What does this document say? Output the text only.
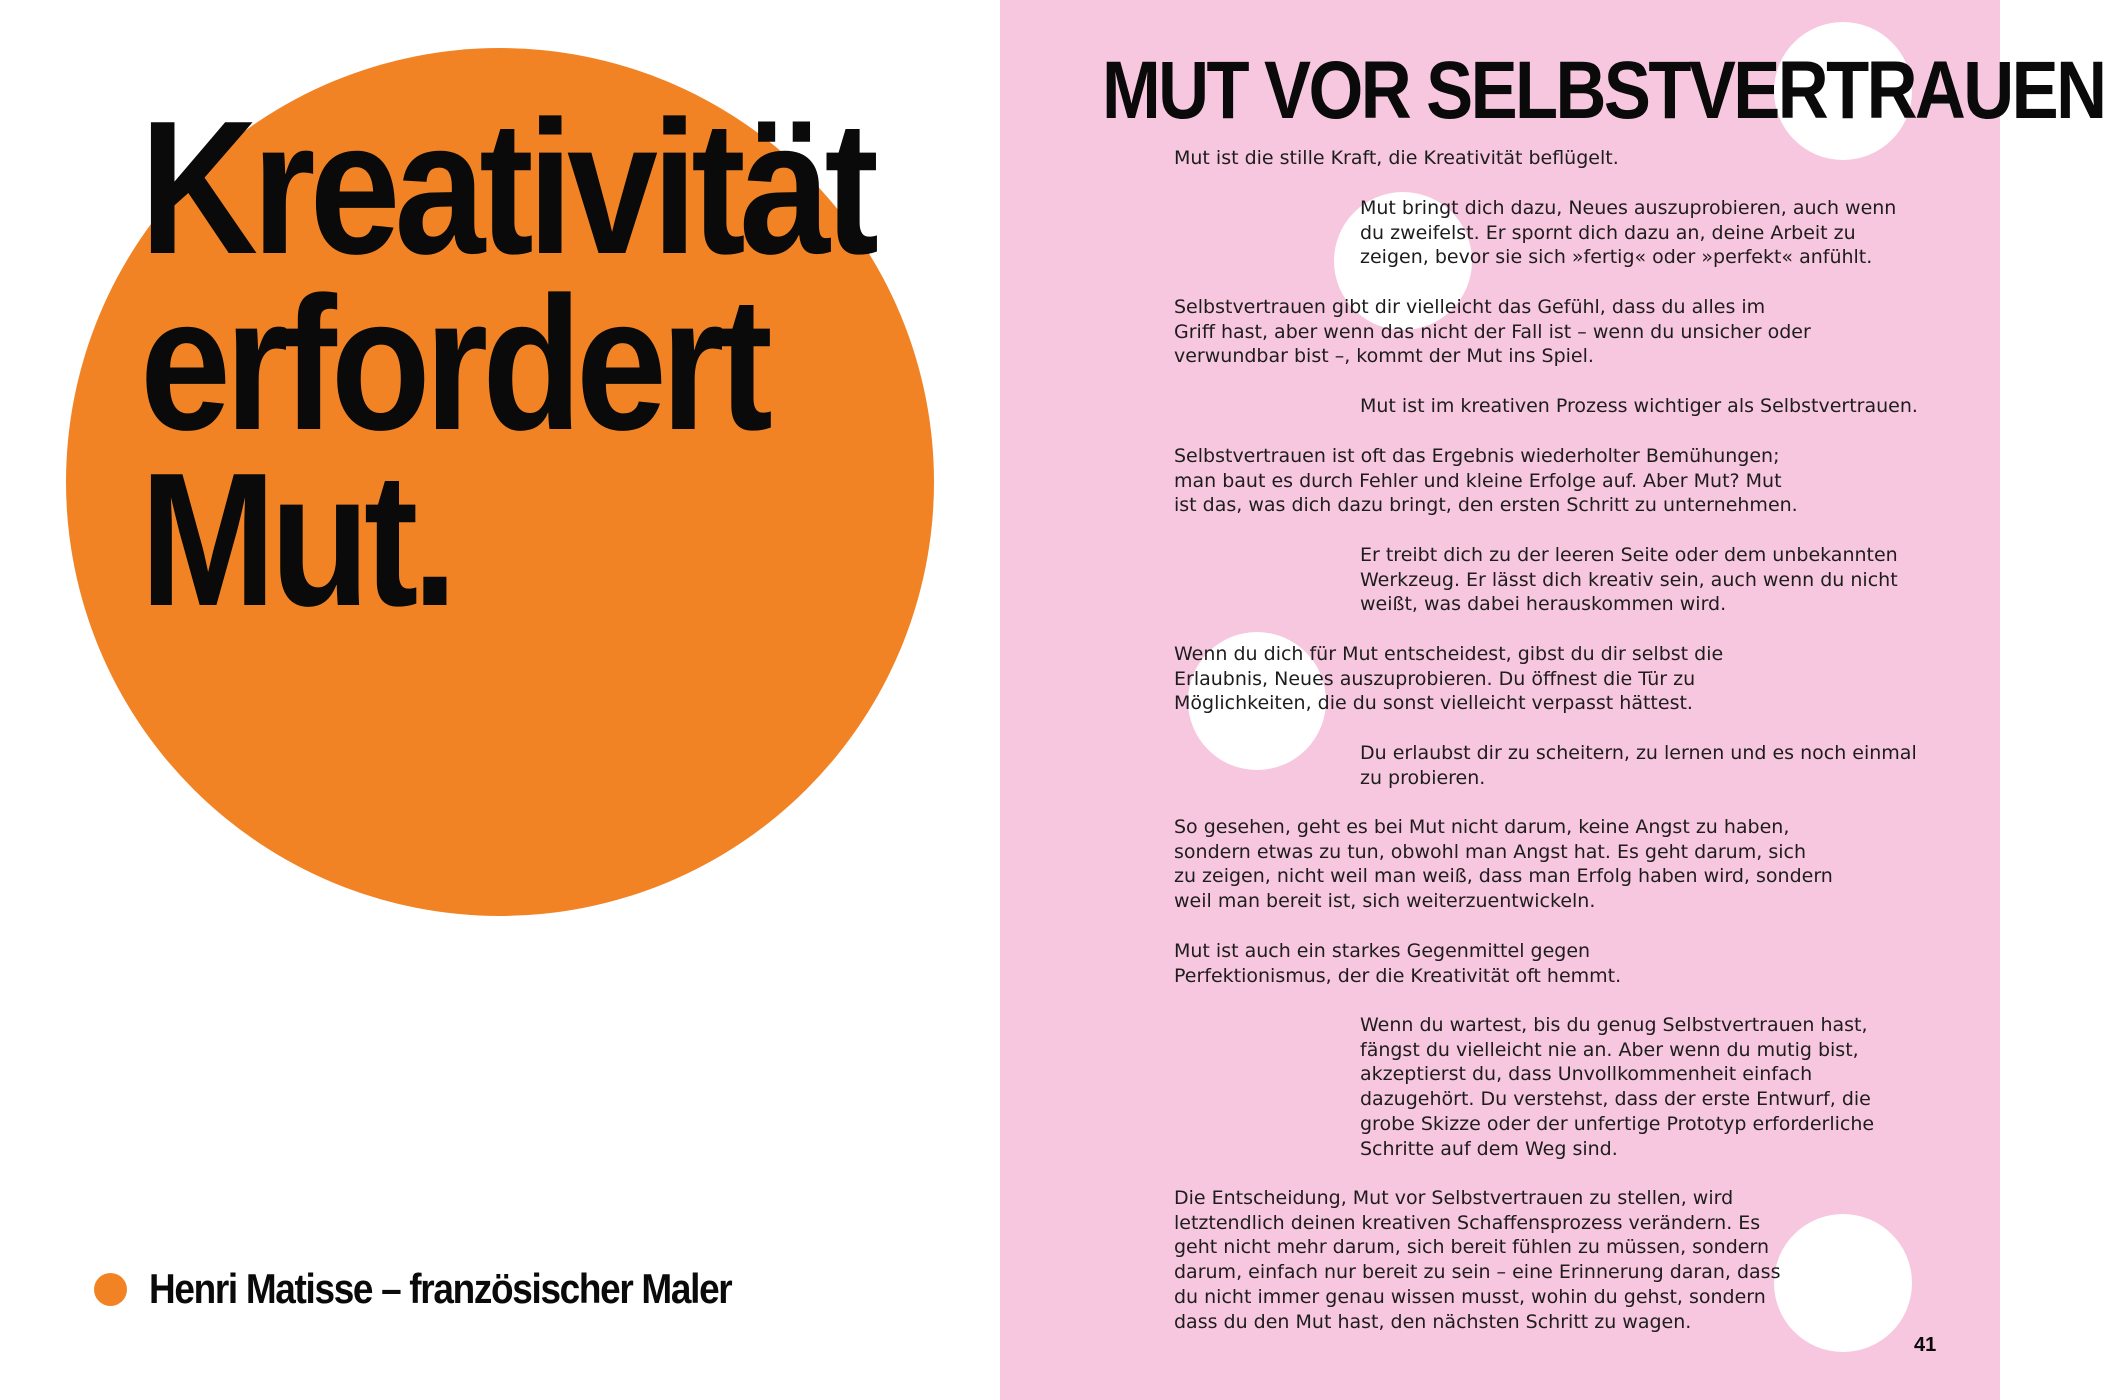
Kreativität
erfordert
Mut.
Henri Matisse – französischer Maler
MUT VOR SELBSTVERTRAUEN

Mut ist die stille Kraft, die Kreativität beflügelt.

Mut bringt dich dazu, Neues auszuprobieren, auch wenn
du zweifelst. Er spornt dich dazu an, deine Arbeit zu
zeigen, bevor sie sich »fertig« oder »perfekt« anfühlt.

Selbstvertrauen gibt dir vielleicht das Gefühl, dass du alles im
Griff hast, aber wenn das nicht der Fall ist – wenn du unsicher oder
verwundbar bist –, kommt der Mut ins Spiel.

Mut ist im kreativen Prozess wichtiger als Selbstvertrauen.

Selbstvertrauen ist oft das Ergebnis wiederholter Bemühungen;
man baut es durch Fehler und kleine Erfolge auf. Aber Mut? Mut
ist das, was dich dazu bringt, den ersten Schritt zu unternehmen.

Er treibt dich zu der leeren Seite oder dem unbekannten
Werkzeug. Er lässt dich kreativ sein, auch wenn du nicht
weißt, was dabei herauskommen wird.

Wenn du dich für Mut entscheidest, gibst du dir selbst die
Erlaubnis, Neues auszuprobieren. Du öffnest die Tür zu
Möglichkeiten, die du sonst vielleicht verpasst hättest.

Du erlaubst dir zu scheitern, zu lernen und es noch einmal
zu probieren.

So gesehen, geht es bei Mut nicht darum, keine Angst zu haben,
sondern etwas zu tun, obwohl man Angst hat. Es geht darum, sich
zu zeigen, nicht weil man weiß, dass man Erfolg haben wird, sondern
weil man bereit ist, sich weiterzuentwickeln.

Mut ist auch ein starkes Gegenmittel gegen
Perfektionismus, der die Kreativität oft hemmt.

Wenn du wartest, bis du genug Selbstvertrauen hast,
fängst du vielleicht nie an. Aber wenn du mutig bist,
akzeptierst du, dass Unvollkommenheit einfach
dazugehört. Du verstehst, dass der erste Entwurf, die
grobe Skizze oder der unfertige Prototyp erforderliche
Schritte auf dem Weg sind.

Die Entscheidung, Mut vor Selbstvertrauen zu stellen, wird
letztendlich deinen kreativen Schaffensprozess verändern. Es
geht nicht mehr darum, sich bereit fühlen zu müssen, sondern
darum, einfach nur bereit zu sein – eine Erinnerung daran, dass
du nicht immer genau wissen musst, wohin du gehst, sondern
dass du den Mut hast, den nächsten Schritt zu wagen.

41
